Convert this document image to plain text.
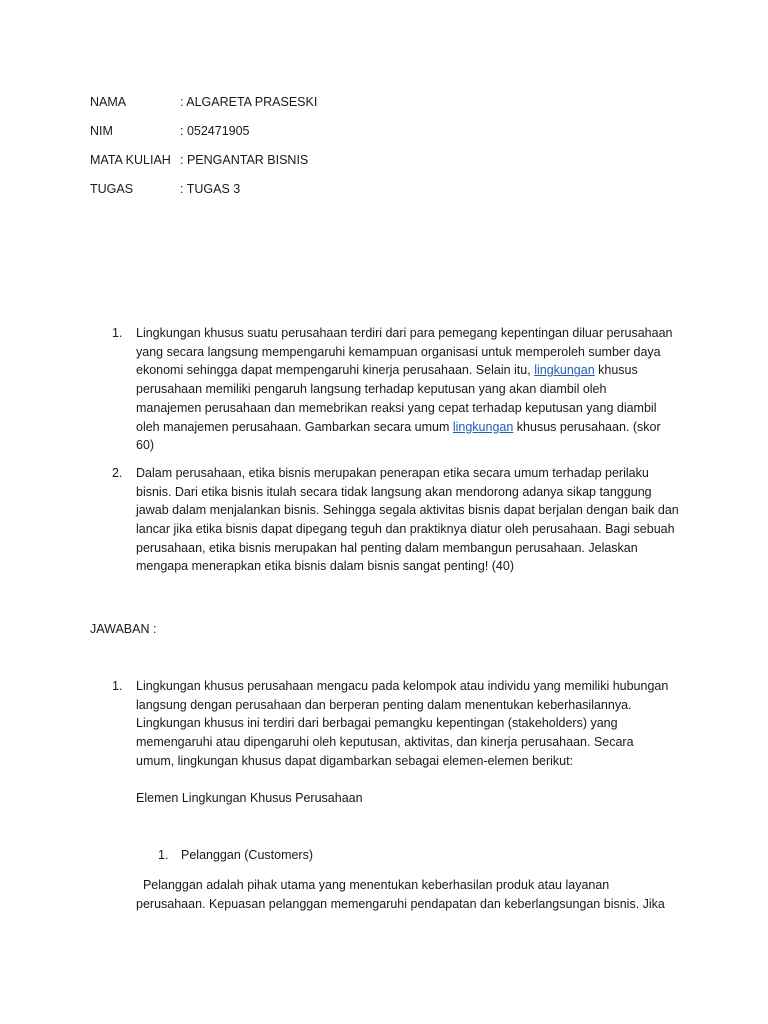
NAMA	: ALGARETA PRASESKI
NIM	: 052471905
MATA KULIAH : PENGANTAR BISNIS
TUGAS	: TUGAS 3
1. Lingkungan khusus suatu perusahaan terdiri dari para pemegang kepentingan diluar perusahaan
yang secara langsung mempengaruhi kemampuan organisasi untuk memperoleh sumber daya
ekonomi sehingga dapat mempengaruhi kinerja perusahaan. Selain itu, lingkungan khusus
perusahaan memiliki pengaruh langsung terhadap keputusan yang akan diambil oleh
manajemen perusahaan dan memebrikan reaksi yang cepat terhadap keputusan yang diambil
oleh manajemen perusahaan. Gambarkan secara umum lingkungan khusus perusahaan. (skor
60)
2. Dalam perusahaan, etika bisnis merupakan penerapan etika secara umum terhadap perilaku
bisnis. Dari etika bisnis itulah secara tidak langsung akan mendorong adanya sikap tanggung
jawab dalam menjalankan bisnis. Sehingga segala aktivitas bisnis dapat berjalan dengan baik dan
lancar jika etika bisnis dapat dipegang teguh dan praktiknya diatur oleh perusahaan. Bagi sebuah
perusahaan, etika bisnis merupakan hal penting dalam membangun perusahaan. Jelaskan
mengapa menerapkan etika bisnis dalam bisnis sangat penting! (40)
JAWABAN :
1. Lingkungan khusus perusahaan mengacu pada kelompok atau individu yang memiliki hubungan
langsung dengan perusahaan dan berperan penting dalam menentukan keberhasilannya.
Lingkungan khusus ini terdiri dari berbagai pemangku kepentingan (stakeholders) yang
memengaruhi atau dipengaruhi oleh keputusan, aktivitas, dan kinerja perusahaan. Secara
umum, lingkungan khusus dapat digambarkan sebagai elemen-elemen berikut:
Elemen Lingkungan Khusus Perusahaan
1. Pelanggan (Customers)
Pelanggan adalah pihak utama yang menentukan keberhasilan produk atau layanan
perusahaan. Kepuasan pelanggan memengaruhi pendapatan dan keberlangsungan bisnis. Jika
